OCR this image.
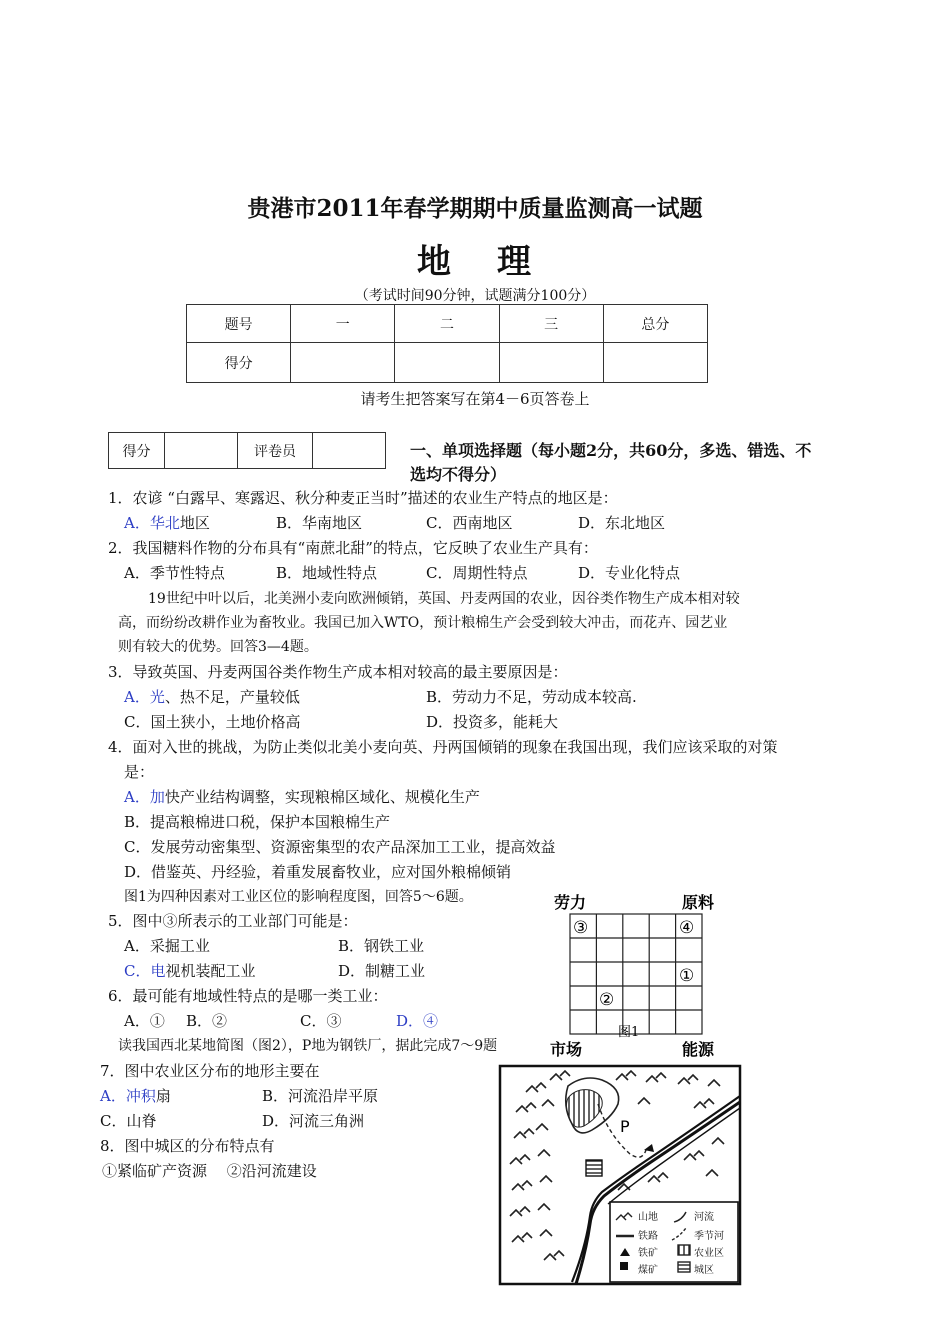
贵港市2011年春学期期中质量监测高一试题
地 理
（考试时间90分钟，试题满分100分）
题号	一	二	三	总分
得分				
请考生把答案写在第4－6页答卷上
得分		评卷员		一、单项选择题（每小题2分，共60分，多选、错选、不
选均不得分）
1．农谚 “白露早、寒露迟、秋分种麦正当时”描述的农业生产特点的地区是：
A．华北地区	B．华南地区	C．西南地区	D．东北地区
2．我国糖料作物的分布具有“南蔗北甜”的特点，它反映了农业生产具有：
A．季节性特点	B．地域性特点	C．周期性特点	D．专业化特点
19世纪中叶以后，北美洲小麦向欧洲倾销，英国、丹麦两国的农业，因谷类作物生产成本相对较
高，而纷纷改耕作业为畜牧业。我国已加入WTO，预计粮棉生产会受到较大冲击，而花卉、园艺业
则有较大的优势。回答3—4题。
3．导致英国、丹麦两国谷类作物生产成本相对较高的最主要原因是：
A．光、热不足，产量较低	B．劳动力不足，劳动成本较高.
C．国土狭小，土地价格高	D．投资多，能耗大
4．面对入世的挑战，为防止类似北美小麦向英、丹两国倾销的现象在我国出现，我们应该采取的对策
是：
A．加快产业结构调整，实现粮棉区域化、规模化生产
B．提高粮棉进口税，保护本国粮棉生产
C．发展劳动密集型、资源密集型的农产品深加工工业，提高效益
D．借鉴英、丹经验，着重发展畜牧业，应对国外粮棉倾销
图1为四种因素对工业区位的影响程度图，回答5～6题。
5．图中③所表示的工业部门可能是：
A．采掘工业	B．钢铁工业
C．电视机装配工业	D．制糖工业
6．最可能有地域性特点的是哪一类工业：
A．① B．②	C．③	D．④
读我国西北某地简图（图2），P地为钢铁厂，据此完成7～9题
7．图中农业区分布的地形主要在
A．冲积扇	B．河流沿岸平原
C．山脊	D．河流三角洲
8．图中城区的分布特点有
①紧临矿产资源　 ②沿河流建设
劳力	原料
③	④
①
②
图1
市场	能源
P
山地	河流
铁路	季节河
铁矿	农业区
煤矿	城区
